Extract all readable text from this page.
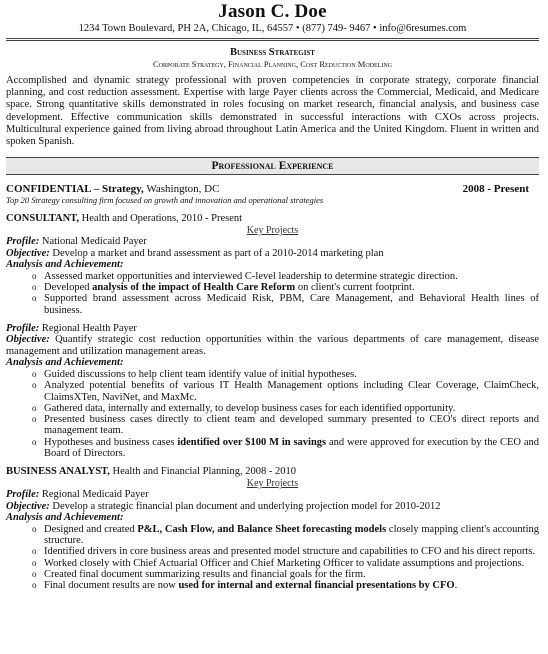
Jason C. Doe
1234 Town Boulevard, PH 2A, Chicago, IL, 64557 • (877) 749- 9467 • info@6resumes.com
Business Strategist
Corporate Strategy, Financial Planning, Cost Reduction Modeling
Accomplished and dynamic strategy professional with proven competencies in corporate strategy, corporate financial planning, and cost reduction assessment. Expertise with large Payer clients across the Commercial, Medicaid, and Medicare space. Strong quantitative skills demonstrated in roles focusing on market research, financial analysis, and business case development. Effective communication skills demonstrated in successful interactions with CXOs across projects. Multicultural experience gained from living abroad throughout Latin America and the United Kingdom. Fluent in written and spoken Spanish.
Professional Experience
CONFIDENTIAL – Strategy, Washington, DC	2008 - Present
Top 20 Strategy consulting firm focused on growth and innovation and operational strategies
CONSULTANT, Health and Operations, 2010 - Present
Key Projects
Profile: National Medicaid Payer
Objective: Develop a market and brand assessment as part of a 2010-2014 marketing plan
Analysis and Achievement:
o Assessed market opportunities and interviewed C-level leadership to determine strategic direction.
o Developed analysis of the impact of Health Care Reform on client's current footprint.
o Supported brand assessment across Medicaid Risk, PBM, Care Management, and Behavioral Health lines of business.
Profile: Regional Health Payer
Objective: Quantify strategic cost reduction opportunities within the various departments of care management, disease management and utilization management areas.
Analysis and Achievement:
o Guided discussions to help client team identify value of initial hypotheses.
o Analyzed potential benefits of various IT Health Management options including Clear Coverage, ClaimCheck, ClaimsXTen, NaviNet, and MaxMc.
o Gathered data, internally and externally, to develop business cases for each identified opportunity.
o Presented business cases directly to client team and developed summary presented to CEO's direct reports and management team.
o Hypotheses and business cases identified over $100 M in savings and were approved for execution by the CEO and Board of Directors.
BUSINESS ANALYST, Health and Financial Planning, 2008 - 2010
Key Projects
Profile: Regional Medicaid Payer
Objective: Develop a strategic financial plan document and underlying projection model for 2010-2012
Analysis and Achievement:
o Designed and created P&L, Cash Flow, and Balance Sheet forecasting models closely mapping client's accounting structure.
o Identified drivers in core business areas and presented model structure and capabilities to CFO and his direct reports.
o Worked closely with Chief Actuarial Officer and Chief Marketing Officer to validate assumptions and projections.
o Created final document summarizing results and financial goals for the firm.
o Final document results are now used for internal and external financial presentations by CFO.
